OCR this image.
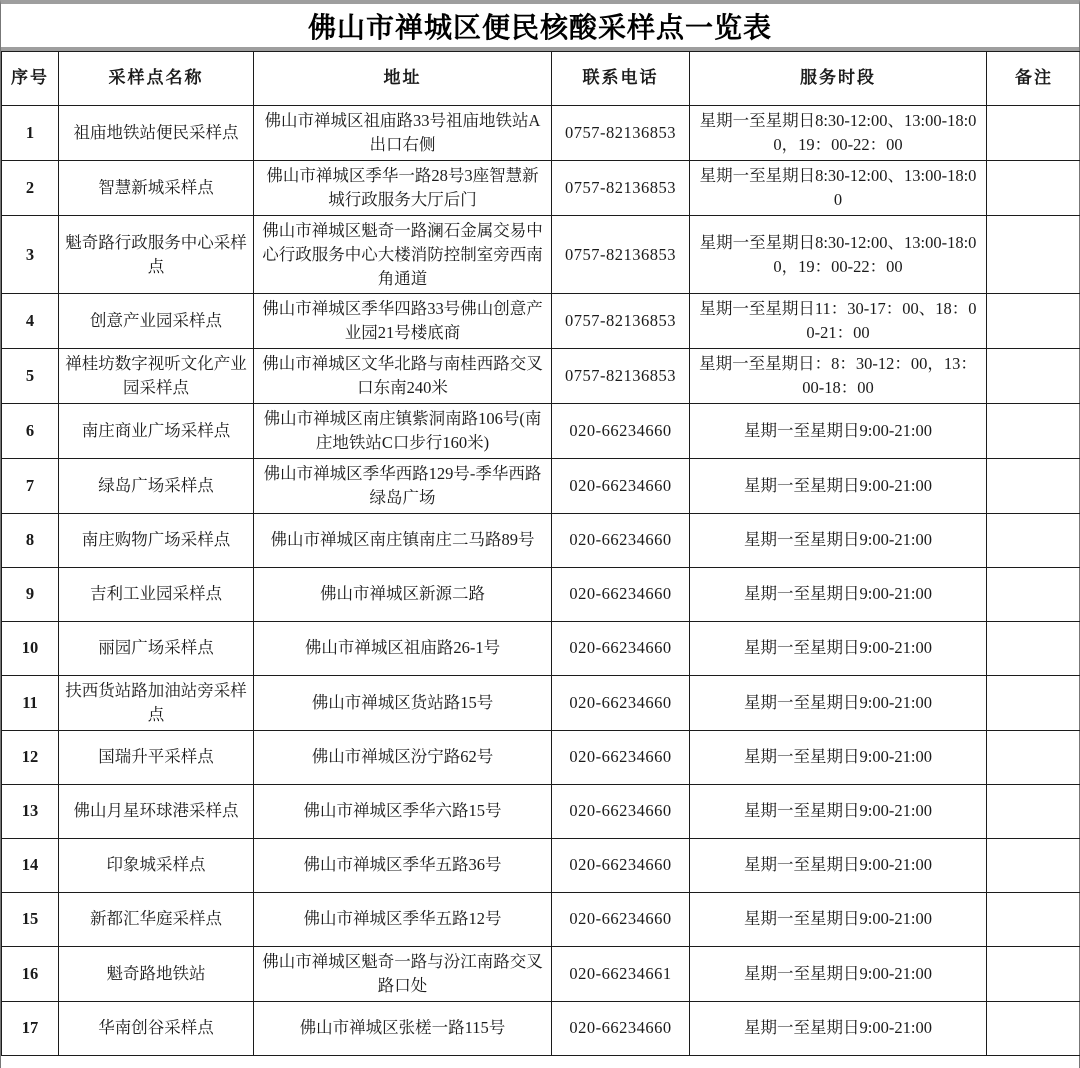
佛山市禅城区便民核酸采样点一览表
序号	采样点名称	地址	联系电话	服务时段	备注
1	祖庙地铁站便民采样点	佛山市禅城区祖庙路33号祖庙地铁站A出口右侧	0757-82136853	星期一至星期日8:30-12:00、13:00-18:00，19：00-22：00	
2	智慧新城采样点	佛山市禅城区季华一路28号3座智慧新城行政服务大厅后门	0757-82136853	星期一至星期日8:30-12:00、13:00-18:00	
3	魁奇路行政服务中心采样点	佛山市禅城区魁奇一路澜石金属交易中心行政服务中心大楼消防控制室旁西南角通道	0757-82136853	星期一至星期日8:30-12:00、13:00-18:00，19：00-22：00	
4	创意产业园采样点	佛山市禅城区季华四路33号佛山创意产业园21号楼底商	0757-82136853	星期一至星期日11：30-17：00、18：00-21：00	
5	禅桂坊数字视听文化产业园采样点	佛山市禅城区文华北路与南桂西路交叉口东南240米	0757-82136853	星期一至星期日：8：30-12：00，13：00-18：00	
6	南庄商业广场采样点	佛山市禅城区南庄镇紫洞南路106号(南庄地铁站C口步行160米)	020-66234660	星期一至星期日9:00-21:00	
7	绿岛广场采样点	佛山市禅城区季华西路129号-季华西路绿岛广场	020-66234660	星期一至星期日9:00-21:00	
8	南庄购物广场采样点	佛山市禅城区南庄镇南庄二马路89号	020-66234660	星期一至星期日9:00-21:00	
9	吉利工业园采样点	佛山市禅城区新源二路	020-66234660	星期一至星期日9:00-21:00	
10	丽园广场采样点	佛山市禅城区祖庙路26-1号	020-66234660	星期一至星期日9:00-21:00	
11	扶西货站路加油站旁采样点	佛山市禅城区货站路15号	020-66234660	星期一至星期日9:00-21:00	
12	国瑞升平采样点	佛山市禅城区汾宁路62号	020-66234660	星期一至星期日9:00-21:00	
13	佛山月星环球港采样点	佛山市禅城区季华六路15号	020-66234660	星期一至星期日9:00-21:00	
14	印象城采样点	佛山市禅城区季华五路36号	020-66234660	星期一至星期日9:00-21:00	
15	新都汇华庭采样点	佛山市禅城区季华五路12号	020-66234660	星期一至星期日9:00-21:00	
16	魁奇路地铁站	佛山市禅城区魁奇一路与汾江南路交叉路口处	020-66234661	星期一至星期日9:00-21:00	
17	华南创谷采样点	佛山市禅城区张槎一路115号	020-66234660	星期一至星期日9:00-21:00	
